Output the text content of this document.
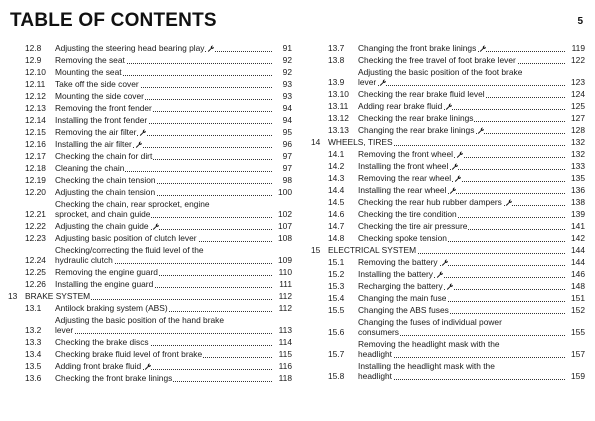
TABLE OF CONTENTS	5
12.8	Adjusting the steering head bearing play	91
12.9	Removing the seat	92
12.10	Mounting the seat	92
12.11	Take off the side cover	93
12.12	Mounting the side cover	93
12.13	Removing the front fender	94
12.14	Installing the front fender	94
12.15	Removing the air filter	95
12.16	Installing the air filter	96
12.17	Checking the chain for dirt	97
12.18	Cleaning the chain	97
12.19	Checking the chain tension	98
12.20	Adjusting the chain tension	100
12.21
Checking the chain, rear sprocket, engine
sprocket, and chain guide	102
12.22	Adjusting the chain guide	107
12.23	Adjusting basic position of clutch lever	108
12.24
Checking/correcting the fluid level of the
hydraulic clutch	109
12.25	Removing the engine guard	110
12.26	Installing the engine guard	111
13 BRAKE SYSTEM	112
13.1	Antilock braking system (ABS)	112
13.2
Adjusting the basic position of the hand brake
lever	113
13.3	Checking the brake discs	114
13.4	Checking brake fluid level of front brake	115
13.5	Adding front brake fluid	116
13.6	Checking the front brake linings	118
13.7	Changing the front brake linings	119
13.8	Checking the free travel of foot brake lever	122
13.9
Adjusting the basic position of the foot brake
lever	123
13.10	Checking the rear brake fluid level	124
13.11	Adding rear brake fluid	125
13.12	Checking the rear brake linings	127
13.13	Changing the rear brake linings	128
14 WHEELS, TIRES	132
14.1	Removing the front wheel	132
14.2	Installing the front wheel	133
14.3	Removing the rear wheel	135
14.4	Installing the rear wheel	136
14.5	Checking the rear hub rubber dampers	138
14.6	Checking the tire condition	139
14.7	Checking the tire air pressure	141
14.8	Checking spoke tension	142
15 ELECTRICAL SYSTEM	144
15.1	Removing the battery	144
15.2	Installing the battery	146
15.3	Recharging the battery	148
15.4	Changing the main fuse	151
15.5	Changing the ABS fuses	152
15.6
Changing the fuses of individual power
consumers	155
15.7
Removing the headlight mask with the
headlight	157
15.8
Installing the headlight mask with the
headlight	159
